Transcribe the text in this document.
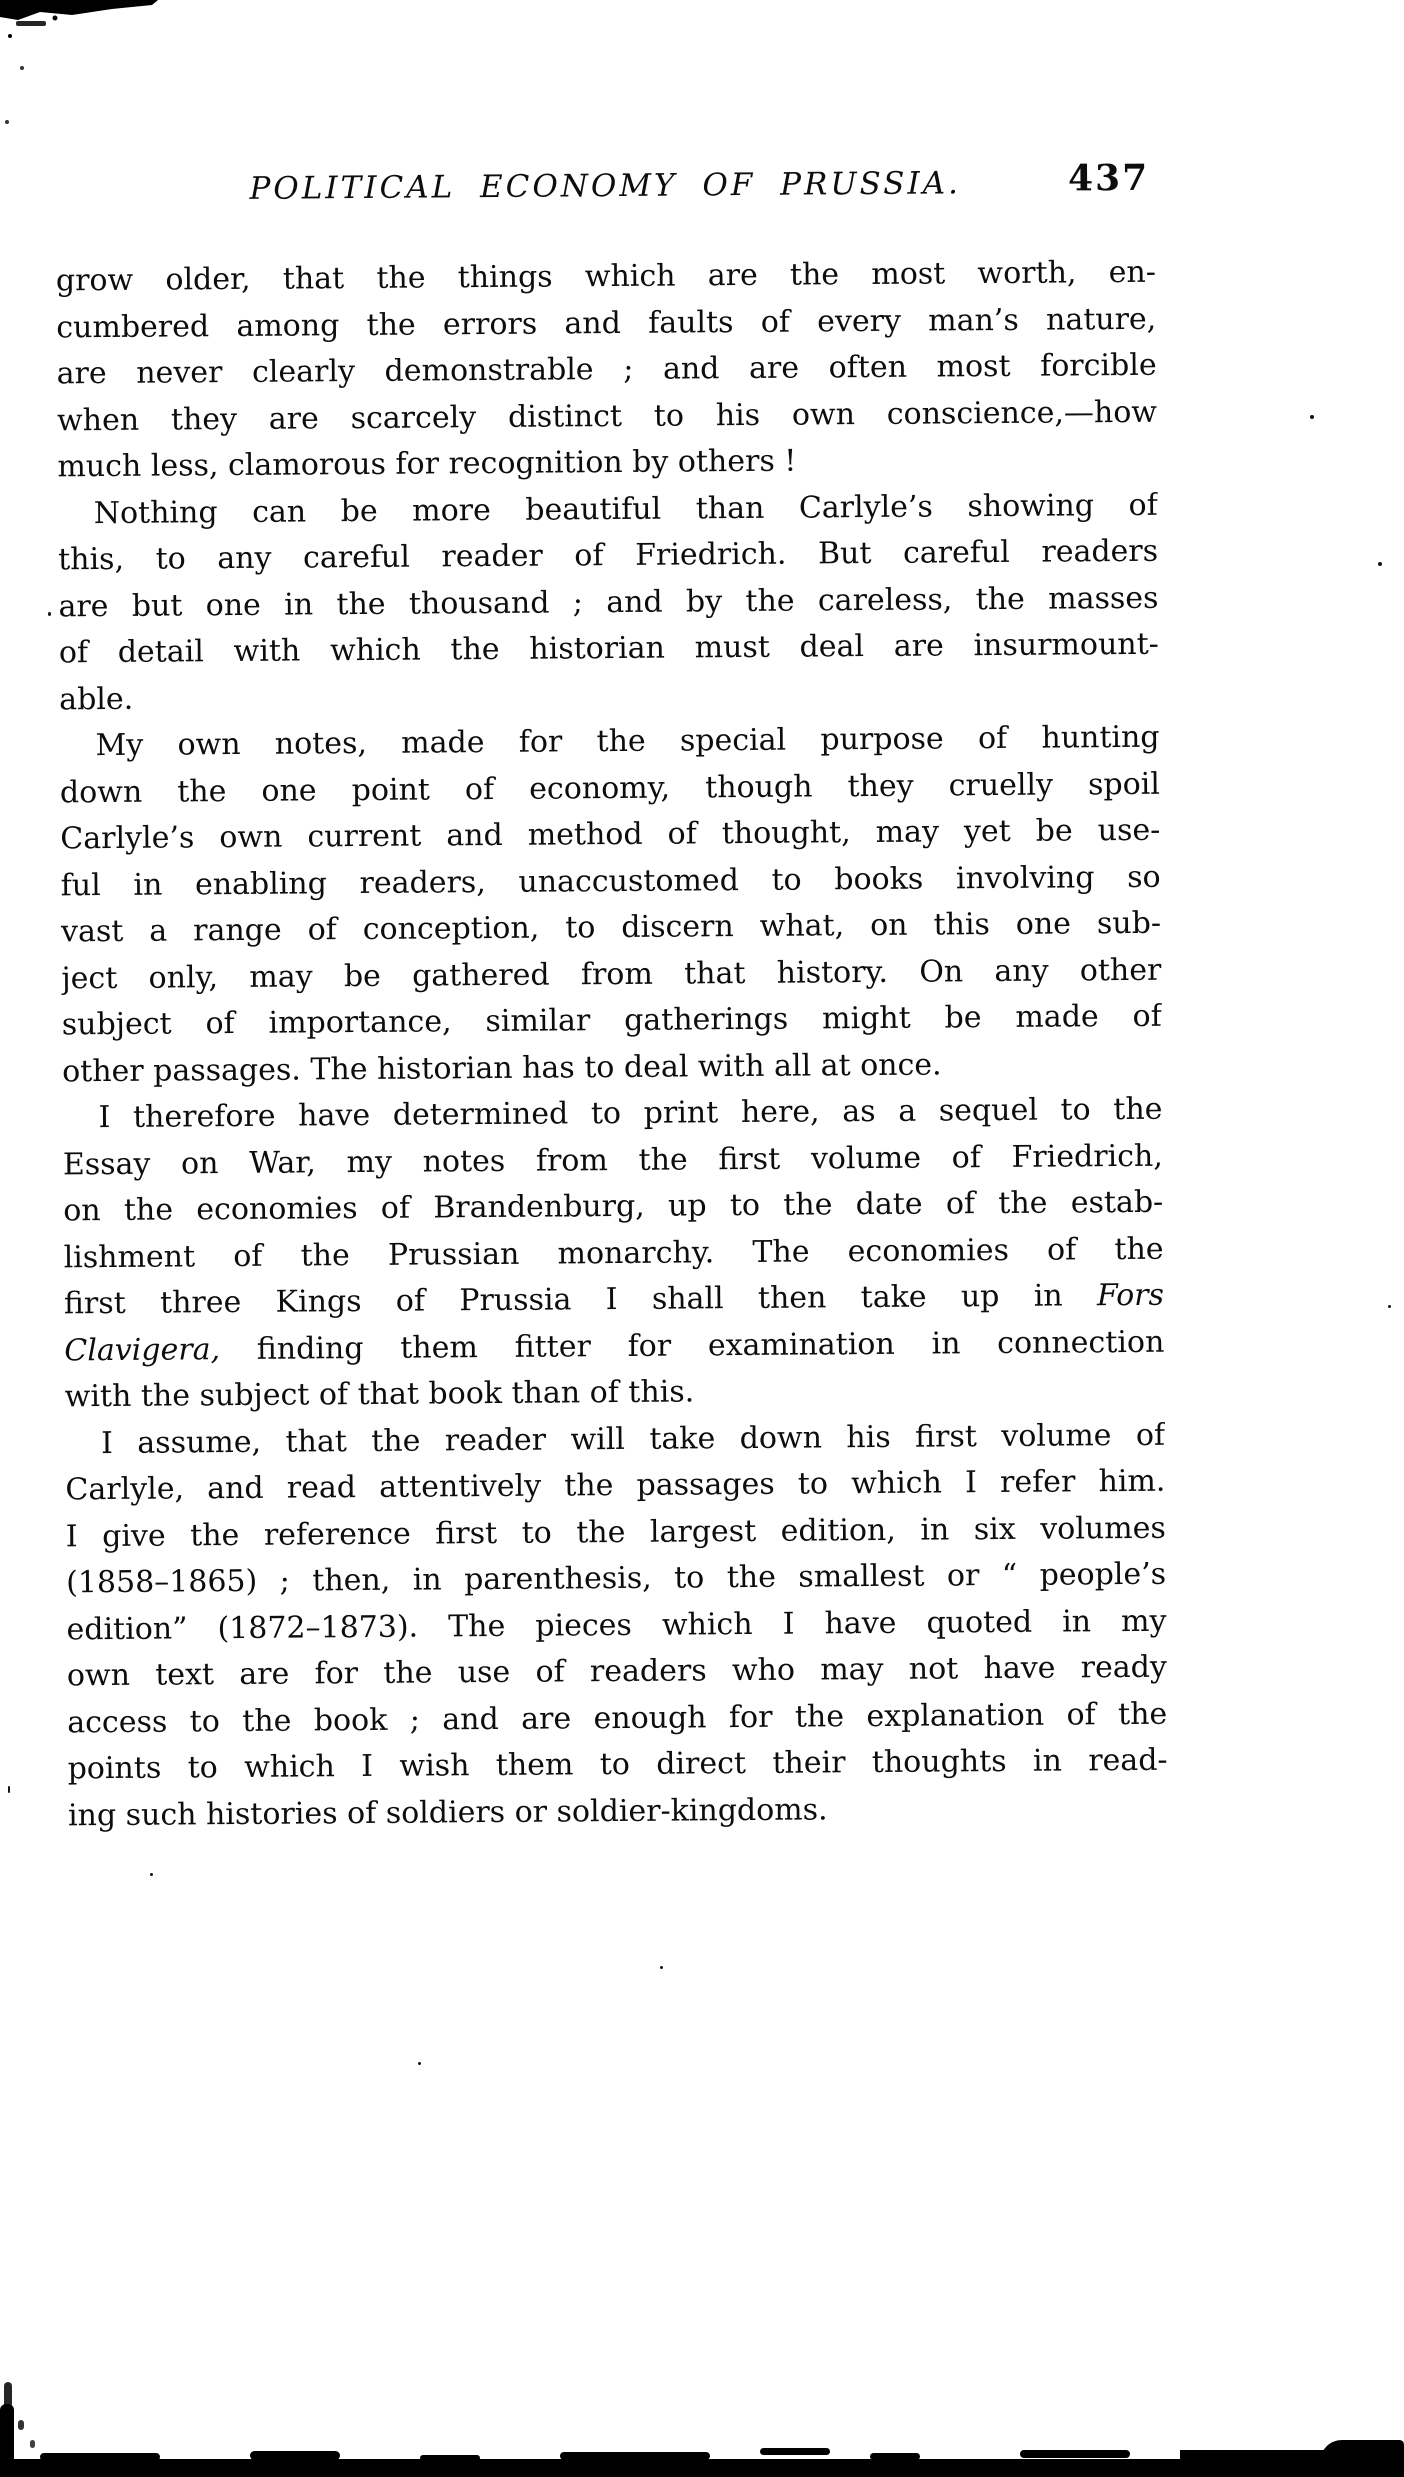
POLITICAL ECONOMY OF PRUSSIA.	437
grow older, that the things which are the most worth, en-
cumbered among the errors and faults of every man’s nature,
are never clearly demonstrable ; and are often most forcible
when they are scarcely distinct to his own conscience,—how
much less, clamorous for recognition by others !
Nothing can be more beautiful than Carlyle’s showing of
this, to any careful reader of Friedrich. But careful readers
are but one in the thousand ; and by the careless, the masses
of detail with which the historian must deal are insurmount-
able.
My own notes, made for the special purpose of hunting
down the one point of economy, though they cruelly spoil
Carlyle’s own current and method of thought, may yet be use-
ful in enabling readers, unaccustomed to books involving so
vast a range of conception, to discern what, on this one sub-
ject only, may be gathered from that history. On any other
subject of importance, similar gatherings might be made of
other passages. The historian has to deal with all at once.
I therefore have determined to print here, as a sequel to the
Essay on War, my notes from the first volume of Friedrich,
on the economies of Brandenburg, up to the date of the estab-
lishment of the Prussian monarchy. The economies of the
first three Kings of Prussia I shall then take up in Fors
Clavigera, finding them fitter for examination in connection
with the subject of that book than of this.
I assume, that the reader will take down his first volume of
Carlyle, and read attentively the passages to which I refer him.
I give the reference first to the largest edition, in six volumes
(1858–1865) ; then, in parenthesis, to the smallest or “ people’s
edition” (1872–1873). The pieces which I have quoted in my
own text are for the use of readers who may not have ready
access to the book ; and are enough for the explanation of the
points to which I wish them to direct their thoughts in read-
ing such histories of soldiers or soldier-kingdoms.
